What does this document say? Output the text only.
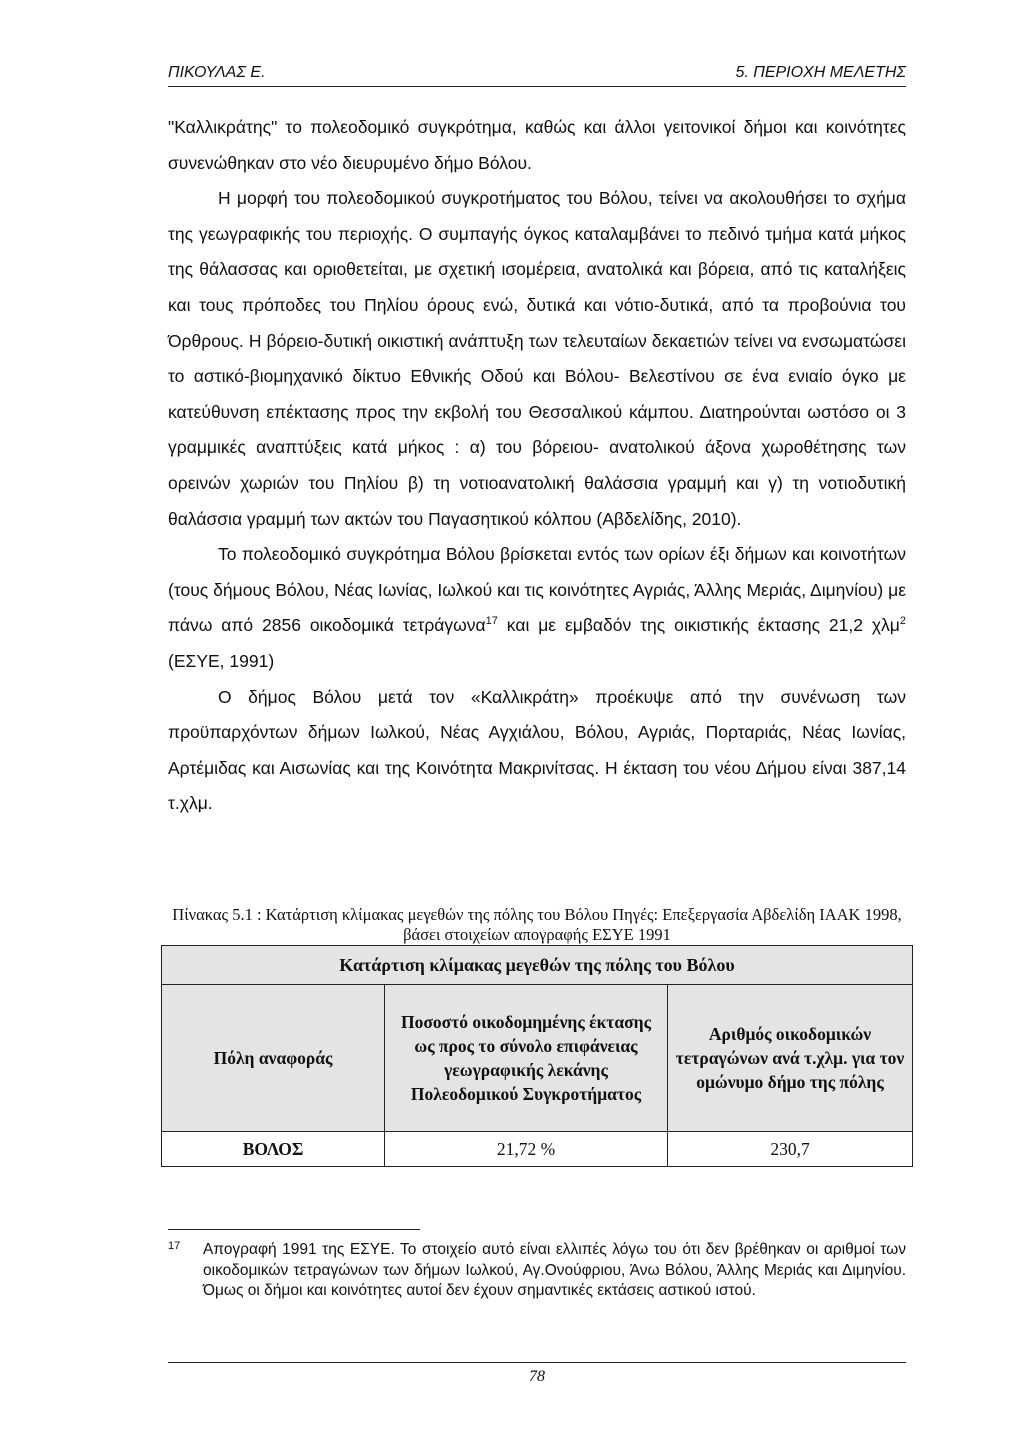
ΠΙΚΟΥΛΑΣ Ε.	5. ΠΕΡΙΟΧΗ ΜΕΛΕΤΗΣ

"Καλλικράτης" το πολεοδομικό συγκρότημα, καθώς και άλλοι γειτονικοί δήμοι και κοινότητες συνενώθηκαν στο νέο διευρυμένο δήμο Βόλου.

Η μορφή του πολεοδομικού συγκροτήματος του Βόλου, τείνει να ακολουθήσει το σχήμα της γεωγραφικής του περιοχής. Ο συμπαγής όγκος καταλαμβάνει το πεδινό τμήμα κατά μήκος της θάλασσας και οριοθετείται, με σχετική ισομέρεια, ανατολικά και βόρεια, από τις καταλήξεις και τους πρόποδες του Πηλίου όρους ενώ, δυτικά και νότιο-δυτικά, από τα προβούνια του Όρθρους. Η βόρειο-δυτική οικιστική ανάπτυξη των τελευταίων δεκαετιών τείνει να ενσωματώσει το αστικό-βιομηχανικό δίκτυο Εθνικής Οδού και Βόλου- Βελεστίνου σε ένα ενιαίο όγκο με κατεύθυνση επέκτασης προς την εκβολή του Θεσσαλικού κάμπου. Διατηρούνται ωστόσο οι 3 γραμμικές αναπτύξεις κατά μήκος : α) του βόρειου- ανατολικού άξονα χωροθέτησης των ορεινών χωριών του Πηλίου β) τη νοτιοανατολική θαλάσσια γραμμή και γ) τη νοτιοδυτική θαλάσσια γραμμή των ακτών του Παγασητικού κόλπου (Αβδελίδης, 2010).

Το πολεοδομικό συγκρότημα Βόλου βρίσκεται εντός των ορίων έξι δήμων και κοινοτήτων (τους δήμους Βόλου, Νέας Ιωνίας, Ιωλκού και τις κοινότητες Αγριάς, Άλλης Μεριάς, Διμηνίου) με πάνω από 2856 οικοδομικά τετράγωνα$^{17}$ και με εμβαδόν της οικιστικής έκτασης 21,2 χλμ$^2$ (ΕΣΥΕ, 1991)

Ο δήμος Βόλου μετά τον «Καλλικράτη» προέκυψε από την συνένωση των προϋπαρχόντων δήμων Ιωλκού, Νέας Αγχιάλου, Βόλου, Αγριάς, Πορταριάς, Νέας Ιωνίας, Αρτέμιδας και Αισωνίας και της Κοινότητα Μακρινίτσας. Η έκταση του νέου Δήμου είναι 387,14 τ.χλμ.

Πίνακας 5.1 : Κατάρτιση κλίμακας μεγεθών της πόλης του Βόλου Πηγές: Επεξεργασία Αβδελίδη ΙΑΑΚ 1998, βάσει στοιχείων απογραφής ΕΣΥΕ 1991
Κατάρτιση κλίμακας μεγεθών της πόλης του Βόλου		
Πόλη αναφοράς	Ποσοστό οικοδομημένης έκτασης ως προς το σύνολο επιφάνειας γεωγραφικής λεκάνης Πολεοδομικού Συγκροτήματος	Αριθμός οικοδομικών τετραγώνων ανά τ.χλμ. για τον ομώνυμο δήμο της πόλης
ΒΟΛΟΣ	21,72 %	230,7
17 Απογραφή 1991 της ΕΣΥΕ. Το στοιχείο αυτό είναι ελλιπές λόγω του ότι δεν βρέθηκαν οι αριθμοί των οικοδομικών τετραγώνων των δήμων Ιωλκού, Αγ.Ονούφριου, Άνω Βόλου, Άλλης Μεριάς και Διμηνίου. Όμως οι δήμοι και κοινότητες αυτοί δεν έχουν σημαντικές εκτάσεις αστικού ιστού.
78
